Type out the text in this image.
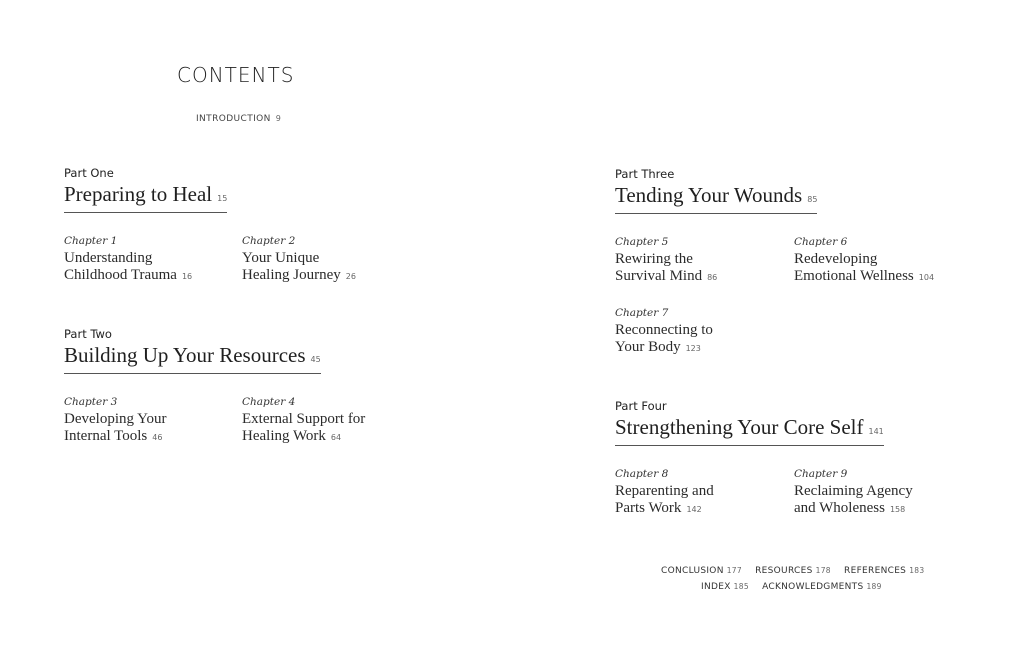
CONTENTS
INTRODUCTION 9
Part One
Preparing to Heal 15
Chapter 1
Understanding
Childhood Trauma 16
Chapter 2
Your Unique
Healing Journey 26
Part Two
Building Up Your Resources 45
Chapter 3
Developing Your
Internal Tools 46
Chapter 4
External Support for
Healing Work 64
Part Three
Tending Your Wounds 85
Chapter 5
Rewiring the
Survival Mind 86
Chapter 6
Redeveloping
Emotional Wellness 104
Chapter 7
Reconnecting to
Your Body 123
Part Four
Strengthening Your Core Self 141
Chapter 8
Reparenting and
Parts Work 142
Chapter 9
Reclaiming Agency
and Wholeness 158
CONCLUSION 177 RESOURCES 178 REFERENCES 183
INDEX 185 ACKNOWLEDGMENTS 189
